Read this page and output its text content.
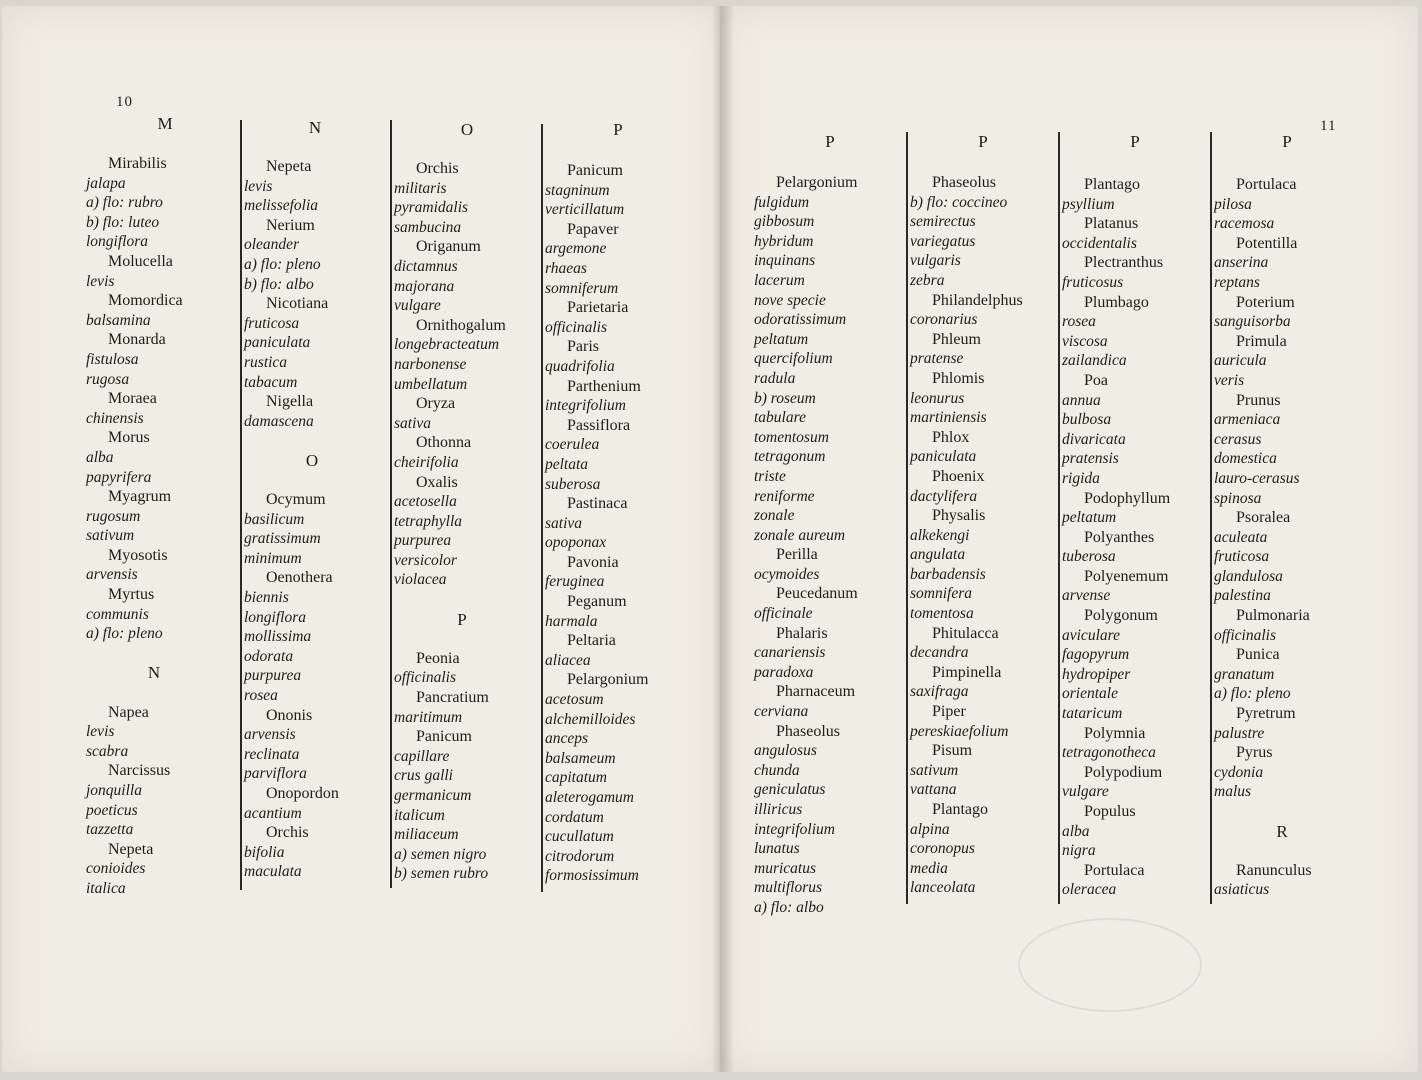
10
11
M	N	O	P
P	P	P	P
Mirabilis
jalapa
a) flo: rubro
b) flo: luteo
longiflora
Molucella
levis
Momordica
balsamina
Monarda
fistulosa
rugosa
Moraea
chinensis
Morus
alba
papyrifera
Myagrum
rugosum
sativum
Myosotis
arvensis
Myrtus
communis
a) flo: pleno
N
Napea
levis
scabra
Narcissus
jonquilla
poeticus
tazzetta
Nepeta
conioides
italica
Nepeta
levis
melissefolia
Nerium
oleander
a) flo: pleno
b) flo: albo
Nicotiana
fruticosa
paniculata
rustica
tabacum
Nigella
damascena
O
Ocymum
basilicum
gratissimum
minimum
Oenothera
biennis
longiflora
mollissima
odorata
purpurea
rosea
Ononis
arvensis
reclinata
parviflora
Onopordon
acantium
Orchis
bifolia
maculata
Orchis
militaris
pyramidalis
sambucina
Origanum
dictamnus
majorana
vulgare
Ornithogalum
longebracteatum
narbonense
umbellatum
Oryza
sativa
Othonna
cheirifolia
Oxalis
acetosella
tetraphylla
purpurea
versicolor
violacea
P
Peonia
officinalis
Pancratium
maritimum
Panicum
capillare
crus galli
germanicum
italicum
miliaceum
a) semen nigro
b) semen rubro
Panicum
stagninum
verticillatum
Papaver
argemone
rhaeas
somniferum
Parietaria
officinalis
Paris
quadrifolia
Parthenium
integrifolium
Passiflora
coerulea
peltata
suberosa
Pastinaca
sativa
opoponax
Pavonia
feruginea
Peganum
harmala
Peltaria
aliacea
Pelargonium
acetosum
alchemilloides
anceps
balsameum
capitatum
aleterogamum
cordatum
cucullatum
citrodorum
formosissimum
Pelargonium
fulgidum
gibbosum
hybridum
inquinans
lacerum
nove specie
odoratissimum
peltatum
quercifolium
radula
b) roseum
tabulare
tomentosum
tetragonum
triste
reniforme
zonale
zonale aureum
Perilla
ocymoides
Peucedanum
officinale
Phalaris
canariensis
paradoxa
Pharnaceum
cerviana
Phaseolus
angulosus
chunda
geniculatus
illiricus
integrifolium
lunatus
muricatus
multiflorus
a) flo: albo
Phaseolus
b) flo: coccineo
semirectus
variegatus
vulgaris
zebra
Philandelphus
coronarius
Phleum
pratense
Phlomis
leonurus
martiniensis
Phlox
paniculata
Phoenix
dactylifera
Physalis
alkekengi
angulata
barbadensis
somnifera
tomentosa
Phitulacca
decandra
Pimpinella
saxifraga
Piper
pereskiaefolium
Pisum
sativum
vattana
Plantago
alpina
coronopus
media
lanceolata
Plantago
psyllium
Platanus
occidentalis
Plectranthus
fruticosus
Plumbago
rosea
viscosa
zailandica
Poa
annua
bulbosa
divaricata
pratensis
rigida
Podophyllum
peltatum
Polyanthes
tuberosa
Polyenemum
arvense
Polygonum
aviculare
fagopyrum
hydropiper
orientale
tataricum
Polymnia
tetragonotheca
Polypodium
vulgare
Populus
alba
nigra
Portulaca
oleracea
Portulaca
pilosa
racemosa
Potentilla
anserina
reptans
Poterium
sanguisorba
Primula
auricula
veris
Prunus
armeniaca
cerasus
domestica
lauro-cerasus
spinosa
Psoralea
aculeata
fruticosa
glandulosa
palestina
Pulmonaria
officinalis
Punica
granatum
a) flo: pleno
Pyretrum
palustre
Pyrus
cydonia
malus
R
Ranunculus
asiaticus
